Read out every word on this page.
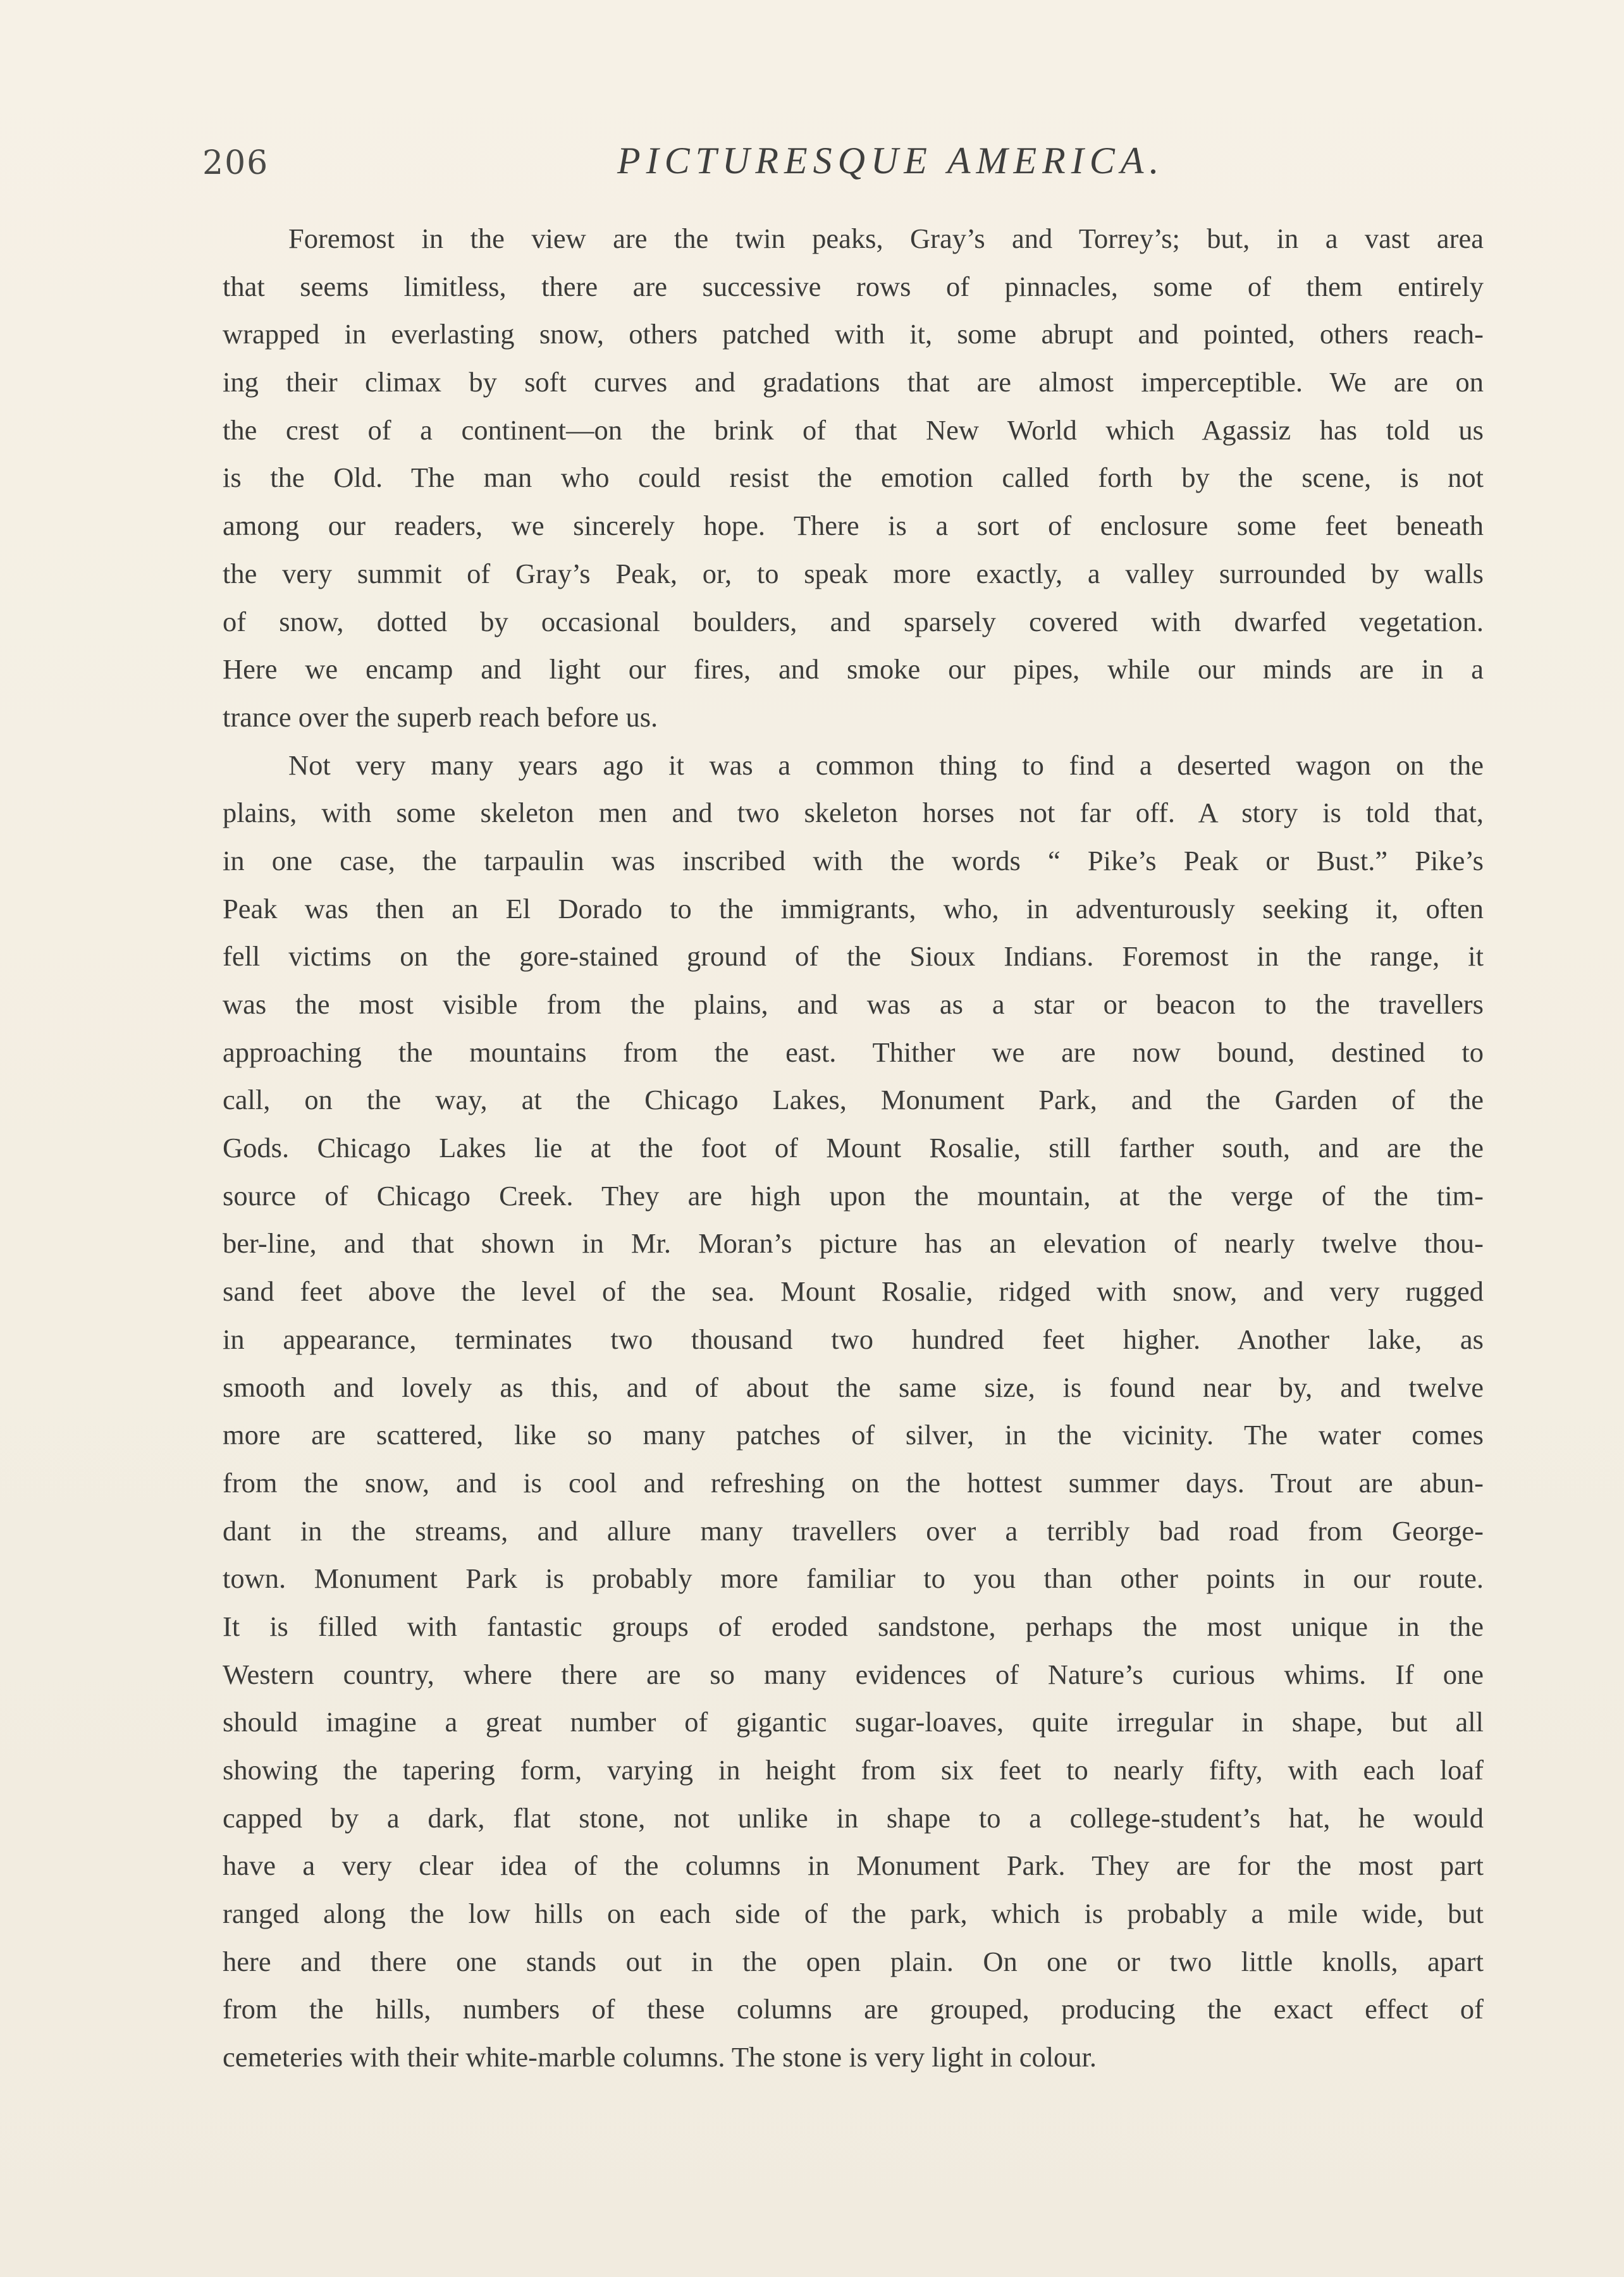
206	PICTURESQUE AMERICA.
Foremost in the view are the twin peaks, Gray’s and Torrey’s; but, in a vast area
that seems limitless, there are successive rows of pinnacles, some of them entirely
wrapped in everlasting snow, others patched with it, some abrupt and pointed, others reach-
ing their climax by soft curves and gradations that are almost imperceptible. We are on
the crest of a continent—on the brink of that New World which Agassiz has told us
is the Old. The man who could resist the emotion called forth by the scene, is not
among our readers, we sincerely hope. There is a sort of enclosure some feet beneath
the very summit of Gray’s Peak, or, to speak more exactly, a valley surrounded by walls
of snow, dotted by occasional boulders, and sparsely covered with dwarfed vegetation.
Here we encamp and light our fires, and smoke our pipes, while our minds are in a
trance over the superb reach before us.
Not very many years ago it was a common thing to find a deserted wagon on the
plains, with some skeleton men and two skeleton horses not far off. A story is told that,
in one case, the tarpaulin was inscribed with the words “ Pike’s Peak or Bust.” Pike’s
Peak was then an El Dorado to the immigrants, who, in adventurously seeking it, often
fell victims on the gore-stained ground of the Sioux Indians. Foremost in the range, it
was the most visible from the plains, and was as a star or beacon to the travellers
approaching the mountains from the east. Thither we are now bound, destined to
call, on the way, at the Chicago Lakes, Monument Park, and the Garden of the
Gods. Chicago Lakes lie at the foot of Mount Rosalie, still farther south, and are the
source of Chicago Creek. They are high upon the mountain, at the verge of the tim-
ber-line, and that shown in Mr. Moran’s picture has an elevation of nearly twelve thou-
sand feet above the level of the sea. Mount Rosalie, ridged with snow, and very rugged
in appearance, terminates two thousand two hundred feet higher. Another lake, as
smooth and lovely as this, and of about the same size, is found near by, and twelve
more are scattered, like so many patches of silver, in the vicinity. The water comes
from the snow, and is cool and refreshing on the hottest summer days. Trout are abun-
dant in the streams, and allure many travellers over a terribly bad road from George-
town. Monument Park is probably more familiar to you than other points in our route.
It is filled with fantastic groups of eroded sandstone, perhaps the most unique in the
Western country, where there are so many evidences of Nature’s curious whims. If one
should imagine a great number of gigantic sugar-loaves, quite irregular in shape, but all
showing the tapering form, varying in height from six feet to nearly fifty, with each loaf
capped by a dark, flat stone, not unlike in shape to a college-student’s hat, he would
have a very clear idea of the columns in Monument Park. They are for the most part
ranged along the low hills on each side of the park, which is probably a mile wide, but
here and there one stands out in the open plain. On one or two little knolls, apart
from the hills, numbers of these columns are grouped, producing the exact effect of
cemeteries with their white-marble columns. The stone is very light in colour.
